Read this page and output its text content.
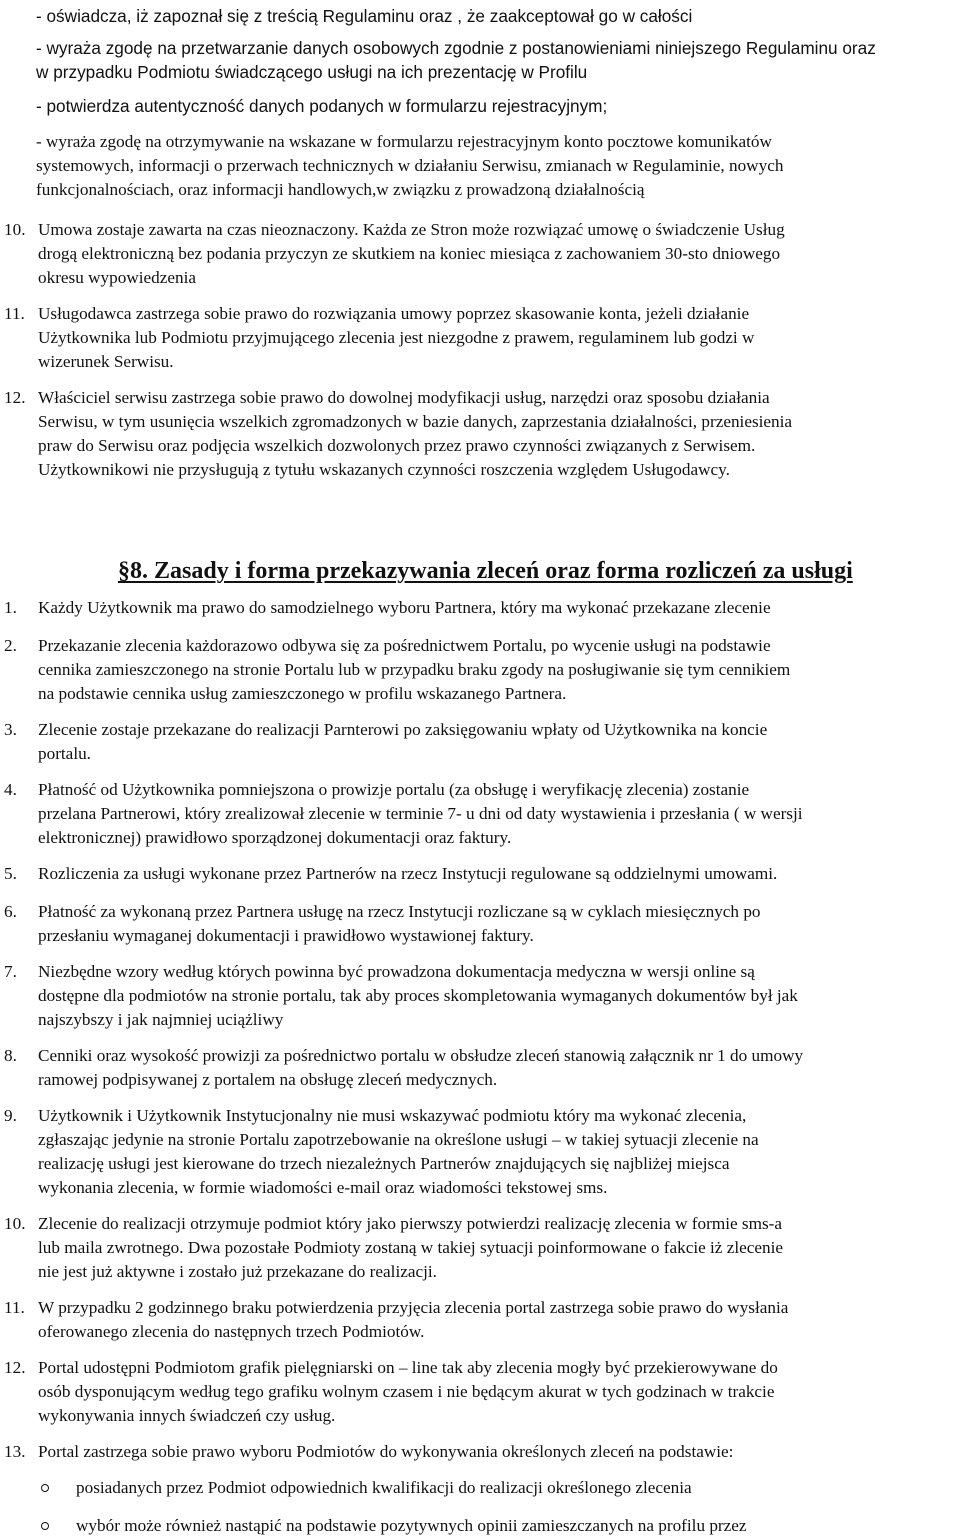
- oświadcza, iż zapoznał się z treścią Regulaminu oraz , że zaakceptował go w całości
- wyraża zgodę na przetwarzanie danych osobowych zgodnie z postanowieniami niniejszego Regulaminu oraz
w przypadku Podmiotu świadczącego usługi na ich prezentację w Profilu
- potwierdza autentyczność danych podanych w formularzu rejestracyjnym;
- wyraża zgodę na otrzymywanie na wskazane w formularzu rejestracyjnym konto pocztowe komunikatów
systemowych, informacji o przerwach technicznych w działaniu Serwisu, zmianach w Regulaminie, nowych
funkcjonalnościach, oraz informacji handlowych,w związku z prowadzoną działalnością
10. Umowa zostaje zawarta na czas nieoznaczony. Każda ze Stron może rozwiązać umowę o świadczenie Usług
drogą elektroniczną bez podania przyczyn ze skutkiem na koniec miesiąca z zachowaniem 30-sto dniowego
okresu wypowiedzenia
11. Usługodawca zastrzega sobie prawo do rozwiązania umowy poprzez skasowanie konta, jeżeli działanie
Użytkownika lub Podmiotu przyjmującego zlecenia jest niezgodne z prawem, regulaminem lub godzi w
wizerunek Serwisu.
12. Właściciel serwisu zastrzega sobie prawo do dowolnej modyfikacji usług, narzędzi oraz sposobu działania
Serwisu, w tym usunięcia wszelkich zgromadzonych w bazie danych, zaprzestania działalności, przeniesienia
praw do Serwisu oraz podjęcia wszelkich dozwolonych przez prawo czynności związanych z Serwisem.
Użytkownikowi nie przysługują z tytułu wskazanych czynności roszczenia względem Usługodawcy.
§8. Zasady i forma przekazywania zleceń oraz forma rozliczeń za usługi
1. Każdy Użytkownik ma prawo do samodzielnego wyboru Partnera, który ma wykonać przekazane zlecenie
2. Przekazanie zlecenia każdorazowo odbywa się za pośrednictwem Portalu, po wycenie usługi na podstawie
cennika zamieszczonego na stronie Portalu lub w przypadku braku zgody na posługiwanie się tym cennikiem
na podstawie cennika usług zamieszczonego w profilu wskazanego Partnera.
3. Zlecenie zostaje przekazane do realizacji Parnterowi po zaksięgowaniu wpłaty od Użytkownika na koncie
portalu.
4. Płatność od Użytkownika pomniejszona o prowizje portalu (za obsługę i weryfikację zlecenia) zostanie
przelana Partnerowi, który zrealizował zlecenie w terminie 7- u dni od daty wystawienia i przesłania ( w wersji
elektronicznej) prawidłowo sporządzonej dokumentacji oraz faktury.
5. Rozliczenia za usługi wykonane przez Partnerów na rzecz Instytucji regulowane są oddzielnymi umowami.
6. Płatność za wykonaną przez Partnera usługę na rzecz Instytucji rozliczane są w cyklach miesięcznych po
przesłaniu wymaganej dokumentacji i prawidłowo wystawionej faktury.
7. Niezbędne wzory według których powinna być prowadzona dokumentacja medyczna w wersji online są
dostępne dla podmiotów na stronie portalu, tak aby proces skompletowania wymaganych dokumentów był jak
najszybszy i jak najmniej uciążliwy
8. Cenniki oraz wysokość prowizji za pośrednictwo portalu w obsłudze zleceń stanowią załącznik nr 1 do umowy
ramowej podpisywanej z portalem na obsługę zleceń medycznych.
9. Użytkownik i Użytkownik Instytucjonalny nie musi wskazywać podmiotu który ma wykonać zlecenia,
zgłaszając jedynie na stronie Portalu zapotrzebowanie na określone usługi – w takiej sytuacji zlecenie na
realizację usługi jest kierowane do trzech niezależnych Partnerów znajdujących się najbliżej miejsca
wykonania zlecenia, w formie wiadomości e-mail oraz wiadomości tekstowej sms.
10. Zlecenie do realizacji otrzymuje podmiot który jako pierwszy potwierdzi realizację zlecenia w formie sms-a
lub maila zwrotnego. Dwa pozostałe Podmioty zostaną w takiej sytuacji poinformowane o fakcie iż zlecenie
nie jest już aktywne i zostało już przekazane do realizacji.
11. W przypadku 2 godzinnego braku potwierdzenia przyjęcia zlecenia portal zastrzega sobie prawo do wysłania
oferowanego zlecenia do następnych trzech Podmiotów.
12. Portal udostępni Podmiotom grafik pielęgniarski on – line tak aby zlecenia mogły być przekierowywane do
osób dysponującym według tego grafiku wolnym czasem i nie będącym akurat w tych godzinach w trakcie
wykonywania innych świadczeń czy usług.
13. Portal zastrzega sobie prawo wyboru Podmiotów do wykonywania określonych zleceń na podstawie:
posiadanych przez Podmiot odpowiednich kwalifikacji do realizacji określonego zlecenia
wybór może również nastąpić na podstawie pozytywnych opinii zamieszczanych na profilu przez
